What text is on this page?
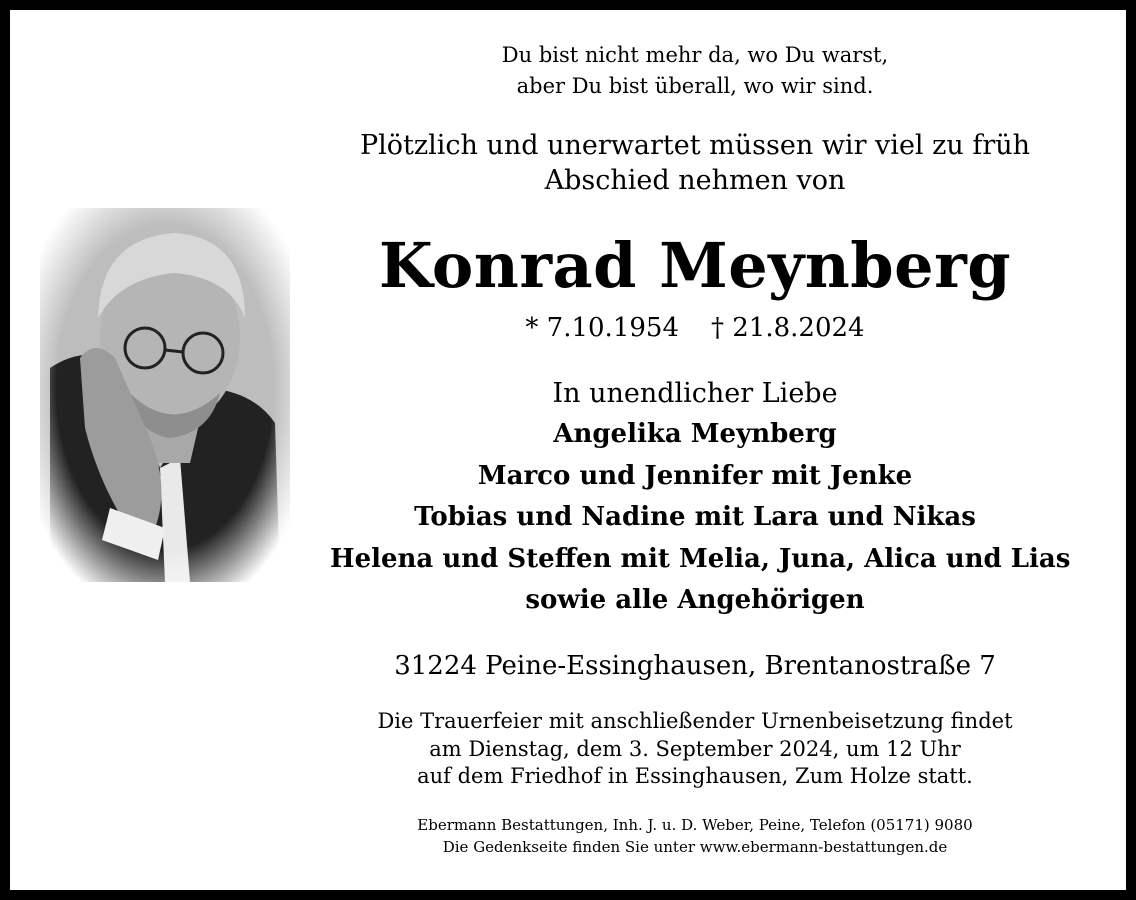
Du bist nicht mehr da, wo Du warst,
aber Du bist überall, wo wir sind.
Plötzlich und unerwartet müssen wir viel zu früh
Abschied nehmen von
Konrad Meynberg
* 7.10.1954 † 21.8.2024
In unendlicher Liebe
Angelika Meynberg
Marco und Jennifer mit Jenke
Tobias und Nadine mit Lara und Nikas
Helena und Steffen mit Melia, Juna, Alica und Lias
sowie alle Angehörigen
31224 Peine-Essinghausen, Brentanostraße 7
Die Trauerfeier mit anschließender Urnenbeisetzung findet
am Dienstag, dem 3. September 2024, um 12 Uhr
auf dem Friedhof in Essinghausen, Zum Holze statt.
Ebermann Bestattungen, Inh. J. u. D. Weber, Peine, Telefon (05171) 9080
Die Gedenkseite finden Sie unter www.ebermann-bestattungen.de
